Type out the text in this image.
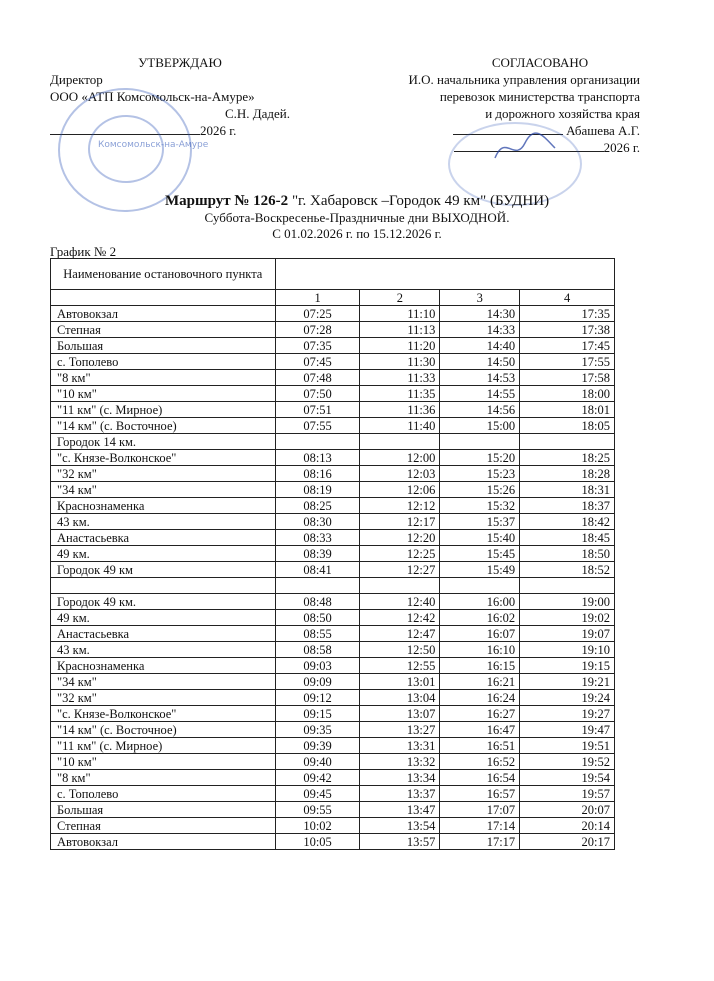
УТВЕРЖДАЮ
Директор
ООО «АТП Комсомольск-на-Амуре»
С.Н. Дадей.
2026 г.
Комсомольск-на-Амуре
СОГЛАСОВАНО
И.О. начальника управления организации
перевозок министерства транспорта
и дорожного хозяйства края
Абашева А.Г.
2026 г.
Маршрут № 126-2 "г. Хабаровск –Городок 49 км" (БУДНИ)
Суббота-Воскресенье-Праздничные дни ВЫХОДНОЙ.
С 01.02.2026 г. по 15.12.2026 г.
График № 2
Наименование остановочного пункта				
	1	2	3	4
Автовокзал	07:25	11:10	14:30	17:35
Степная	07:28	11:13	14:33	17:38
Большая	07:35	11:20	14:40	17:45
с. Тополево	07:45	11:30	14:50	17:55
"8 км"	07:48	11:33	14:53	17:58
"10 км"	07:50	11:35	14:55	18:00
"11 км" (с. Мирное)	07:51	11:36	14:56	18:01
"14 км" (с. Восточное)	07:55	11:40	15:00	18:05
Городок 14 км.				
"с. Князе-Волконское"	08:13	12:00	15:20	18:25
"32 км"	08:16	12:03	15:23	18:28
"34 км"	08:19	12:06	15:26	18:31
Краснознаменка	08:25	12:12	15:32	18:37
43 км.	08:30	12:17	15:37	18:42
Анастасьевка	08:33	12:20	15:40	18:45
49 км.	08:39	12:25	15:45	18:50
Городок 49 км	08:41	12:27	15:49	18:52

Городок 49 км.	08:48	12:40	16:00	19:00
49 км.	08:50	12:42	16:02	19:02
Анастасьевка	08:55	12:47	16:07	19:07
43 км.	08:58	12:50	16:10	19:10
Краснознаменка	09:03	12:55	16:15	19:15
"34 км"	09:09	13:01	16:21	19:21
"32 км"	09:12	13:04	16:24	19:24
"с. Князе-Волконское"	09:15	13:07	16:27	19:27
"14 км" (с. Восточное)	09:35	13:27	16:47	19:47
"11 км" (с. Мирное)	09:39	13:31	16:51	19:51
"10 км"	09:40	13:32	16:52	19:52
"8 км"	09:42	13:34	16:54	19:54
с. Тополево	09:45	13:37	16:57	19:57
Большая	09:55	13:47	17:07	20:07
Степная	10:02	13:54	17:14	20:14
Автовокзал	10:05	13:57	17:17	20:17
